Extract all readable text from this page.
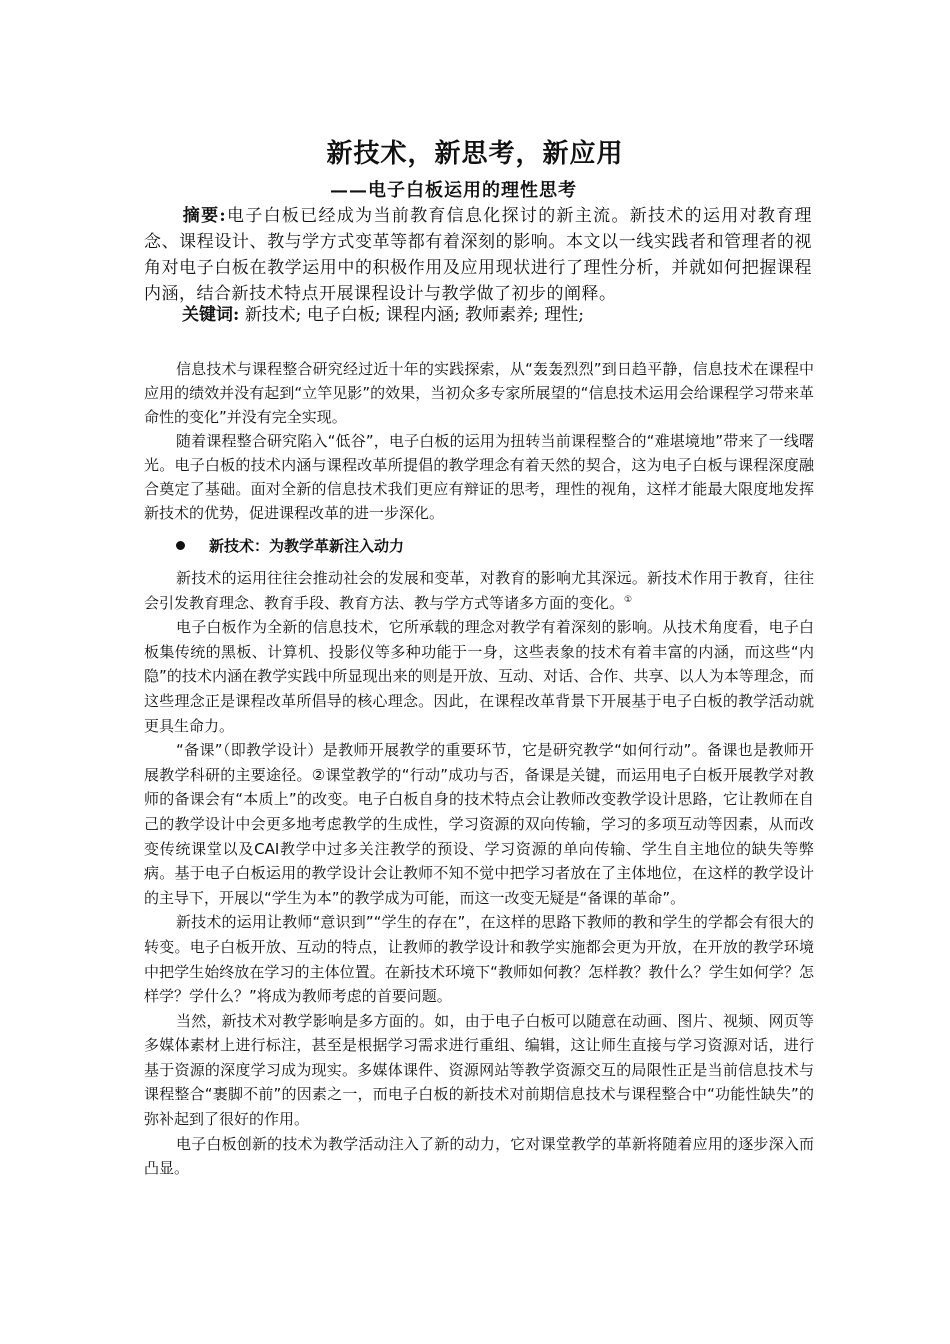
新技术，新思考，新应用
——电子白板运用的理性思考
摘要:电子白板已经成为当前教育信息化探讨的新主流。新技术的运用对教育理念、课程设计、教与学方式变革等都有着深刻的影响。本文以一线实践者和管理者的视角对电子白板在教学运用中的积极作用及应用现状进行了理性分析，并就如何把握课程内涵，结合新技术特点开展课程设计与教学做了初步的阐释。
关键词: 新技术; 电子白板; 课程内涵; 教师素养; 理性;

信息技术与课程整合研究经过近十年的实践探索，从“轰轰烈烈”到日趋平静，信息技术在课程中应用的绩效并没有起到“立竿见影”的效果，当初众多专家所展望的“信息技术运用会给课程学习带来革命性的变化”并没有完全实现。

随着课程整合研究陷入“低谷”，电子白板的运用为扭转当前课程整合的“难堪境地”带来了一线曙光。电子白板的技术内涵与课程改革所提倡的教学理念有着天然的契合，这为电子白板与课程深度融合奠定了基础。面对全新的信息技术我们更应有辩证的思考，理性的视角，这样才能最大限度地发挥新技术的优势，促进课程改革的进一步深化。

新技术：为教学革新注入动力

新技术的运用往往会推动社会的发展和变革，对教育的影响尤其深远。新技术作用于教育，往往会引发教育理念、教育手段、教育方法、教与学方式等诸多方面的变化。①

电子白板作为全新的信息技术，它所承载的理念对教学有着深刻的影响。从技术角度看，电子白板集传统的黑板、计算机、投影仪等多种功能于一身，这些表象的技术有着丰富的内涵，而这些“内隐”的技术内涵在教学实践中所显现出来的则是开放、互动、对话、合作、共享、以人为本等理念，而这些理念正是课程改革所倡导的核心理念。因此，在课程改革背景下开展基于电子白板的教学活动就更具生命力。

“备课”（即教学设计）是教师开展教学的重要环节，它是研究教学“如何行动”。备课也是教师开展教学科研的主要途径。②课堂教学的“行动”成功与否，备课是关键，而运用电子白板开展教学对教师的备课会有“本质上”的改变。电子白板自身的技术特点会让教师改变教学设计思路，它让教师在自己的教学设计中会更多地考虑教学的生成性，学习资源的双向传输，学习的多项互动等因素，从而改变传统课堂以及CAI教学中过多关注教学的预设、学习资源的单向传输、学生自主地位的缺失等弊病。基于电子白板运用的教学设计会让教师不知不觉中把学习者放在了主体地位，在这样的教学设计的主导下，开展以“学生为本”的教学成为可能，而这一改变无疑是“备课的革命”。

新技术的运用让教师“意识到”“学生的存在”，在这样的思路下教师的教和学生的学都会有很大的转变。电子白板开放、互动的特点，让教师的教学设计和教学实施都会更为开放，在开放的教学环境中把学生始终放在学习的主体位置。在新技术环境下“教师如何教？怎样教？教什么？学生如何学？怎样学？学什么？”将成为教师考虑的首要问题。

当然，新技术对教学影响是多方面的。如，由于电子白板可以随意在动画、图片、视频、网页等多媒体素材上进行标注，甚至是根据学习需求进行重组、编辑，这让师生直接与学习资源对话，进行基于资源的深度学习成为现实。多媒体课件、资源网站等教学资源交互的局限性正是当前信息技术与课程整合“裹脚不前”的因素之一，而电子白板的新技术对前期信息技术与课程整合中“功能性缺失”的弥补起到了很好的作用。

电子白板创新的技术为教学活动注入了新的动力，它对课堂教学的革新将随着应用的逐步深入而凸显。
